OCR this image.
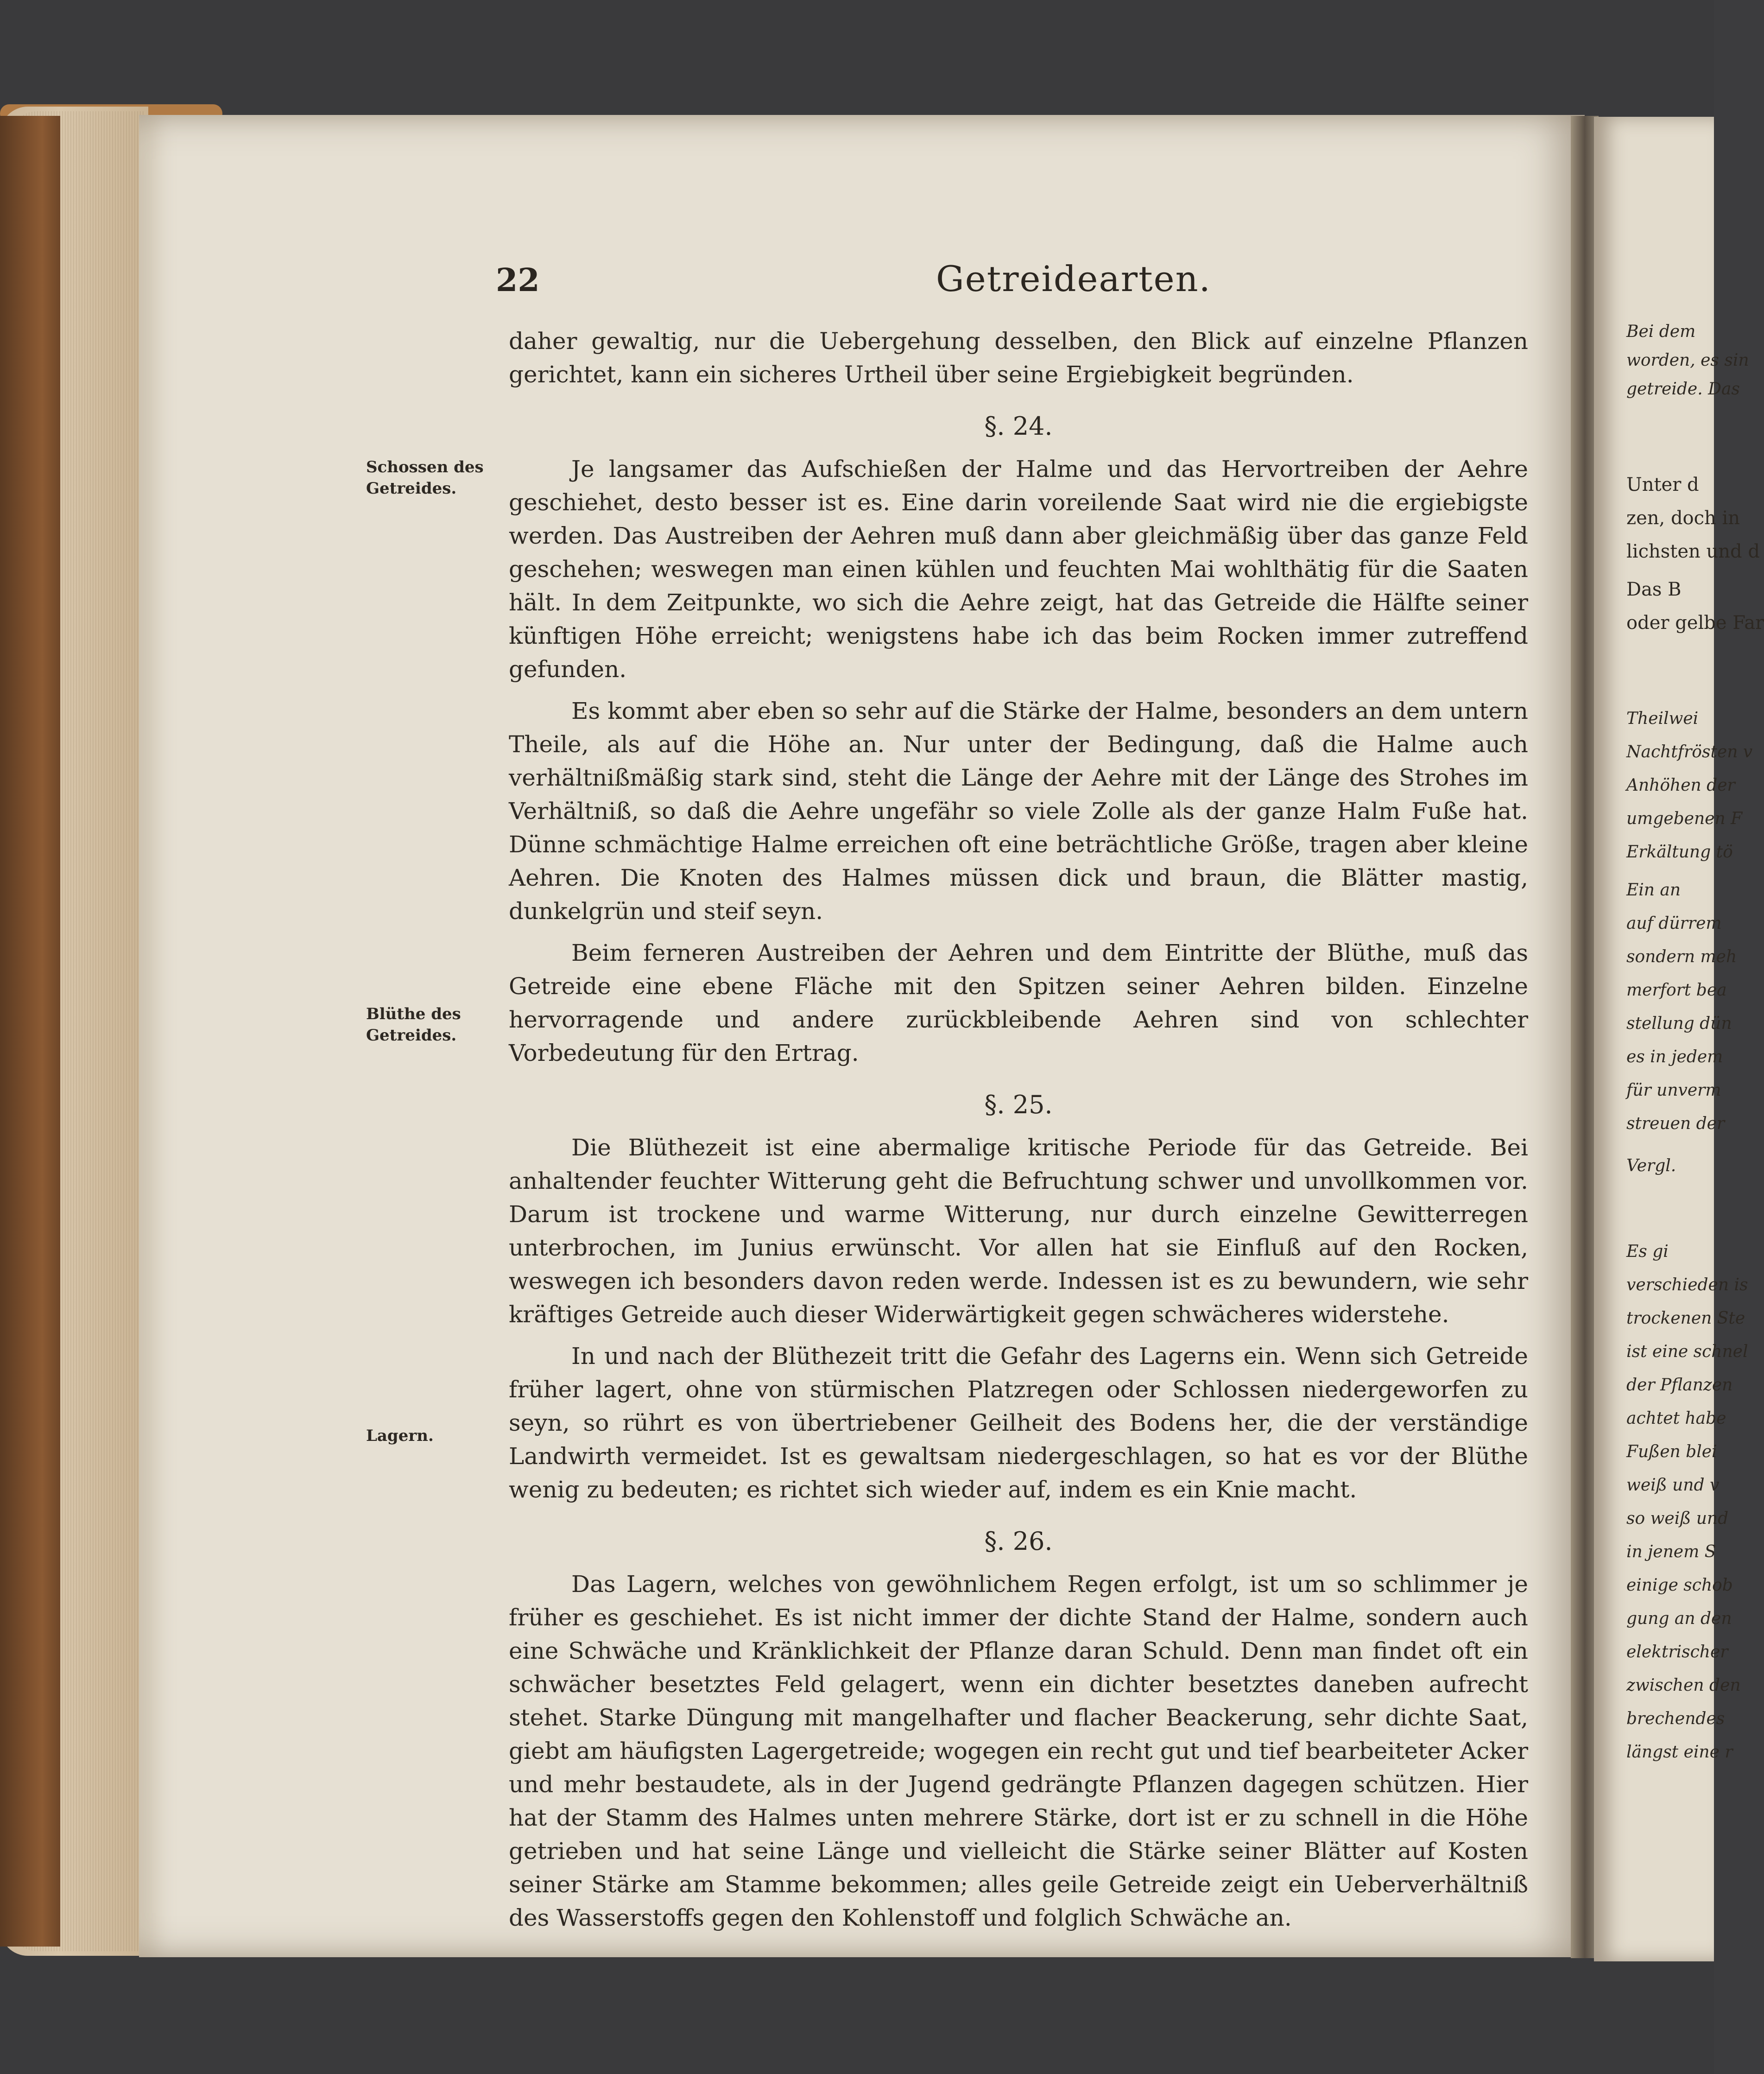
22	Getreidearten.
Schossen des Getreides.
Blüthe des Getreides.
Lagern.

daher gewaltig, nur die Uebergehung desselben, den Blick auf einzelne Pflanzen gerichtet, kann ein sicheres Urtheil über seine Ergiebigkeit begründen.

§. 24.

Je langsamer das Aufschießen der Halme und das Hervortreiben der Aehre geschiehet, desto besser ist es. Eine darin voreilende Saat wird nie die ergiebigste werden. Das Austreiben der Aehren muß dann aber gleichmäßig über das ganze Feld geschehen; weswegen man einen kühlen und feuchten Mai wohlthätig für die Saaten hält. In dem Zeitpunkte, wo sich die Aehre zeigt, hat das Getreide die Hälfte seiner künftigen Höhe erreicht; wenigstens habe ich das beim Rocken immer zutreffend gefunden.

Es kommt aber eben so sehr auf die Stärke der Halme, besonders an dem untern Theile, als auf die Höhe an. Nur unter der Bedingung, daß die Halme auch verhältnißmäßig stark sind, steht die Länge der Aehre mit der Länge des Strohes im Verhältniß, so daß die Aehre ungefähr so viele Zolle als der ganze Halm Fuße hat. Dünne schmächtige Halme erreichen oft eine beträchtliche Größe, tragen aber kleine Aehren. Die Knoten des Halmes müssen dick und braun, die Blätter mastig, dunkelgrün und steif seyn.

Beim ferneren Austreiben der Aehren und dem Eintritte der Blüthe, muß das Getreide eine ebene Fläche mit den Spitzen seiner Aehren bilden. Einzelne hervorragende und andere zurückbleibende Aehren sind von schlechter Vorbedeutung für den Ertrag.

§. 25.

Die Blüthezeit ist eine abermalige kritische Periode für das Getreide. Bei anhaltender feuchter Witterung geht die Befruchtung schwer und unvollkommen vor. Darum ist trockene und warme Witterung, nur durch einzelne Gewitterregen unterbrochen, im Junius erwünscht. Vor allen hat sie Einfluß auf den Rocken, weswegen ich besonders davon reden werde. Indessen ist es zu bewundern, wie sehr kräftiges Getreide auch dieser Widerwärtigkeit gegen schwächeres widerstehe.

In und nach der Blüthezeit tritt die Gefahr des Lagerns ein. Wenn sich Getreide früher lagert, ohne von stürmischen Platzregen oder Schlossen niedergeworfen zu seyn, so rührt es von übertriebener Geilheit des Bodens her, die der verständige Landwirth vermeidet. Ist es gewaltsam niedergeschlagen, so hat es vor der Blüthe wenig zu bedeuten; es richtet sich wieder auf, indem es ein Knie macht.

§. 26.

Das Lagern, welches von gewöhnlichem Regen erfolgt, ist um so schlimmer je früher es geschiehet. Es ist nicht immer der dichte Stand der Halme, sondern auch eine Schwäche und Kränklichkeit der Pflanze daran Schuld. Denn man findet oft ein schwächer besetztes Feld gelagert, wenn ein dichter besetztes daneben aufrecht stehet. Starke Düngung mit mangelhafter und flacher Beackerung, sehr dichte Saat, giebt am häufigsten Lagergetreide; wogegen ein recht gut und tief bearbeiteter Acker und mehr bestaudete, als in der Jugend gedrängte Pflanzen dagegen schützen. Hier hat der Stamm des Halmes unten mehrere Stärke, dort ist er zu schnell in die Höhe getrieben und hat seine Länge und vielleicht die Stärke seiner Blätter auf Kosten seiner Stärke am Stamme bekommen; alles geile Getreide zeigt ein Ueberverhältniß des Wasserstoffs gegen den Kohlenstoff und folglich Schwäche an.

Bei dem
worden, es sin
getreide. Das
Unter d
zen, doch in
lichsten und d
Das B
oder gelbe Far
Theilwei
Nachtfrösten v
Anhöhen der
umgebenen F
Erkältung tö
Ein an
auf dürrem
sondern meh
merfort bea
stellung dün
es in jedem
für unverm
streuen der
Vergl.
Es gi
verschieden is
trockenen Ste
ist eine schnel
der Pflanzen
achtet habe
Fußen blei
weiß und v
so weiß und
in jenem S
einige schob
gung an den
elektrischer
zwischen den
brechendes
längst eine r
